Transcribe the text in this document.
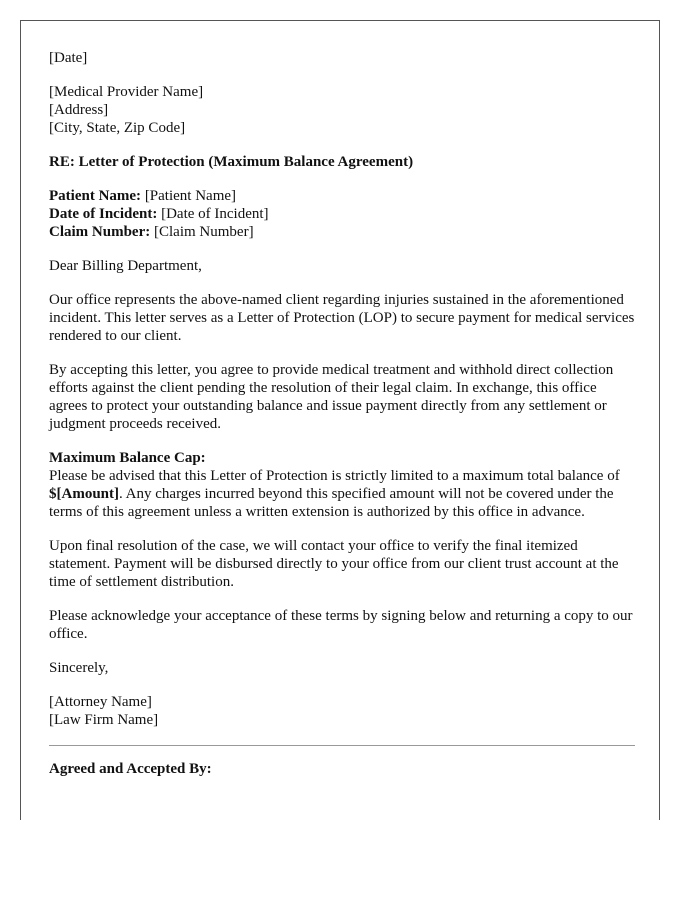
[Date]

[Medical Provider Name]
[Address]
[City, State, Zip Code]

RE: Letter of Protection (Maximum Balance Agreement)

Patient Name: [Patient Name]
Date of Incident: [Date of Incident]
Claim Number: [Claim Number]

Dear Billing Department,

Our office represents the above-named client regarding injuries sustained in the aforementioned incident. This letter serves as a Letter of Protection (LOP) to secure payment for medical services rendered to our client.

By accepting this letter, you agree to provide medical treatment and withhold direct collection efforts against the client pending the resolution of their legal claim. In exchange, this office agrees to protect your outstanding balance and issue payment directly from any settlement or judgment proceeds received.

Maximum Balance Cap:
Please be advised that this Letter of Protection is strictly limited to a maximum total balance of $[Amount]. Any charges incurred beyond this specified amount will not be covered under the terms of this agreement unless a written extension is authorized by this office in advance.

Upon final resolution of the case, we will contact your office to verify the final itemized statement. Payment will be disbursed directly to your office from our client trust account at the time of settlement distribution.

Please acknowledge your acceptance of these terms by signing below and returning a copy to our office.

Sincerely,

[Attorney Name]
[Law Firm Name]

Agreed and Accepted By:
